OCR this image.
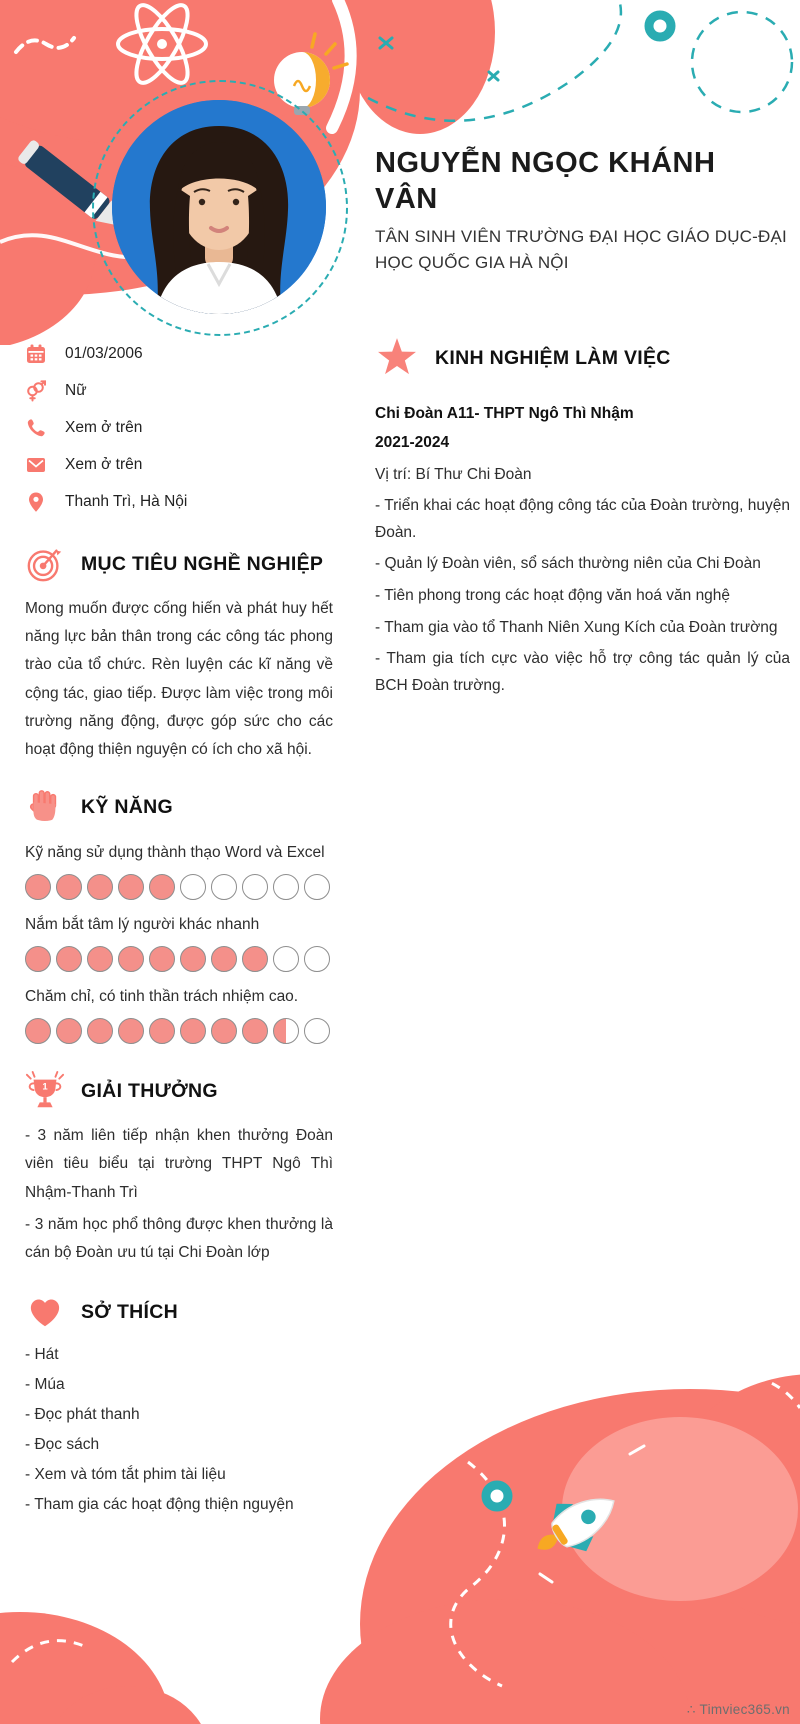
NGUYỄN NGỌC KHÁNH VÂN
TÂN SINH VIÊN TRƯỜNG ĐẠI HỌC GIÁO DỤC-ĐẠI HỌC QUỐC GIA HÀ NỘI
01/03/2006
Nữ
Xem ở trên
Xem ở trên
Thanh Trì, Hà Nội
MỤC TIÊU NGHỀ NGHIỆP

Mong muốn được cống hiến và phát huy hết năng lực bản thân trong các công tác phong trào của tổ chức. Rèn luyện các kĩ năng về cộng tác, giao tiếp. Được làm việc trong môi trường năng động, được góp sức cho các hoạt động thiện nguyện có ích cho xã hội.

KỸ NĂNG
Kỹ năng sử dụng thành thạo Word và Excel
Nắm bắt tâm lý người khác nhanh
Chăm chỉ, có tinh thần trách nhiệm cao.
1 GIẢI THƯỞNG

- 3 năm liên tiếp nhận khen thưởng Đoàn viên tiêu biểu tại trường THPT Ngô Thì Nhậm-Thanh Trì

- 3 năm học phổ thông được khen thưởng là cán bộ Đoàn ưu tú tại Chi Đoàn lớp

SỞ THÍCH

- Hát

- Múa

- Đọc phát thanh

- Đọc sách

- Xem và tóm tắt phim tài liệu

- Tham gia các hoạt động thiện nguyện

KINH NGHIỆM LÀM VIỆC

Chi Đoàn A11- THPT Ngô Thì Nhậm

2021-2024

Vị trí: Bí Thư Chi Đoàn

- Triển khai các hoạt động công tác của Đoàn trường, huyện Đoàn.

- Quản lý Đoàn viên, sổ sách thường niên của Chi Đoàn

- Tiên phong trong các hoạt động văn hoá văn nghệ

- Tham gia vào tổ Thanh Niên Xung Kích của Đoàn trường

- Tham gia tích cực vào việc hỗ trợ công tác quản lý của BCH Đoàn trường.

∴ Timviec365.vn
